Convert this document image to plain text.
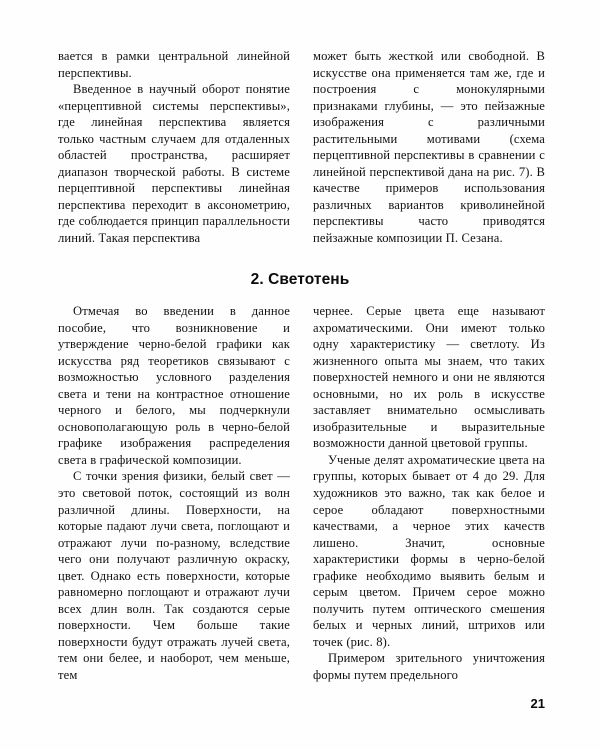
вается в рамки центральной линейной перспективы.

Введенное в научный оборот понятие «перцептивной системы перспективы», где линейная перспектива является только частным случаем для отдаленных областей пространства, расширяет диапазон творческой работы. В системе перцептивной перспективы линейная перспектива переходит в аксонометрию, где соблюдается принцип параллельности линий. Такая перспектива

может быть жесткой или свободной. В искусстве она применяется там же, где и построения с монокулярными признаками глубины, — это пейзажные изображения с различными растительными мотивами (схема перцептивной перспективы в сравнении с линейной перспективой дана на рис. 7). В качестве примеров использования различных вариантов криволинейной перспективы часто приводятся пейзажные композиции П. Сезана.

2. Светотень

Отмечая во введении в данное пособие, что возникновение и утверждение черно-белой графики как искусства ряд теоретиков связывают с возможностью условного разделения света и тени на контрастное отношение черного и белого, мы подчеркнули основополагающую роль в черно-белой графике изображения распределения света в графической композиции.

С точки зрения физики, белый свет — это световой поток, состоящий из волн различной длины. Поверхности, на которые падают лучи света, поглощают и отражают лучи по-разному, вследствие чего они получают различную окраску, цвет. Однако есть поверхности, которые равномерно поглощают и отражают лучи всех длин волн. Так создаются серые поверхности. Чем больше такие поверхности будут отражать лучей света, тем они белее, и наоборот, чем меньше, тем

чернее. Серые цвета еще называют ахроматическими. Они имеют только одну характеристику — светлоту. Из жизненного опыта мы знаем, что таких поверхностей немного и они не являются основными, но их роль в искусстве заставляет внимательно осмысливать изобразительные и выразительные возможности данной цветовой группы.

Ученые делят ахроматические цвета на группы, которых бывает от 4 до 29. Для художников это важно, так как белое и серое обладают поверхностными качествами, а черное этих качеств лишено. Значит, основные характеристики формы в черно-белой графике необходимо выявить белым и серым цветом. Причем серое можно получить путем оптического смешения белых и черных линий, штрихов или точек (рис. 8).

Примером зрительного уничтожения формы путем предельного

21
